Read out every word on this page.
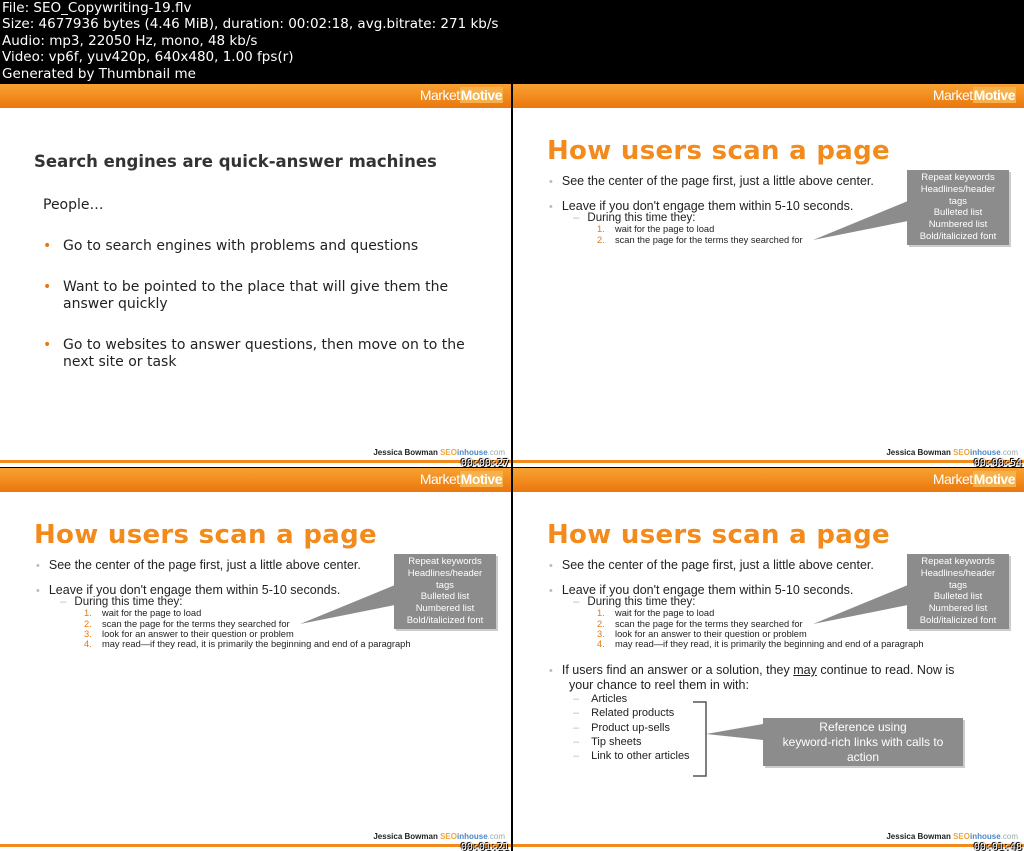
File: SEO_Copywriting-19.flv
Size: 4677936 bytes (4.46 MiB), duration: 00:02:18, avg.bitrate: 271 kb/s
Audio: mp3, 22050 Hz, mono, 48 kb/s
Video: vp6f, yuv420p, 640x480, 1.00 fps(r)
Generated by Thumbnail me
MarketMotive
Search engines are quick-answer machines
People…
• Go to search engines with problems and questions
• Want to be pointed to the place that will give them the answer quickly
• Go to websites to answer questions, then move on to the next site or task
Jessica Bowman SEOinhouse.com
00:00:27
MarketMotive
How users scan a page
• See the center of the page first, just a little above center.
• Leave if you don't engage them within 5-10 seconds.
– During this time they:
1. wait for the page to load
2. scan the page for the terms they searched for
Repeat keywords
Headlines/header
tags
Bulleted list
Numbered list
Bold/italicized font
Jessica Bowman SEOinhouse.com
00:00:54
MarketMotive
How users scan a page
• See the center of the page first, just a little above center.
• Leave if you don't engage them within 5-10 seconds.
– During this time they:
1. wait for the page to load
2. scan the page for the terms they searched for
3. look for an answer to their question or problem
4. may read—if they read, it is primarily the beginning and end of a paragraph
Repeat keywords
Headlines/header
tags
Bulleted list
Numbered list
Bold/italicized font
Jessica Bowman SEOinhouse.com
00:01:21
MarketMotive
How users scan a page
• See the center of the page first, just a little above center.
• Leave if you don't engage them within 5-10 seconds.
– During this time they:
1. wait for the page to load
2. scan the page for the terms they searched for
3. look for an answer to their question or problem
4. may read—if they read, it is primarily the beginning and end of a paragraph
Repeat keywords
Headlines/header
tags
Bulleted list
Numbered list
Bold/italicized font
• If users find an answer or a solution, they may continue to read. Now is
your chance to reel them in with:
– Articles
– Related products
– Product up-sells
– Tip sheets
– Link to other articles
Reference using
keyword-rich links with calls to
action
Jessica Bowman SEOinhouse.com
00:01:48
